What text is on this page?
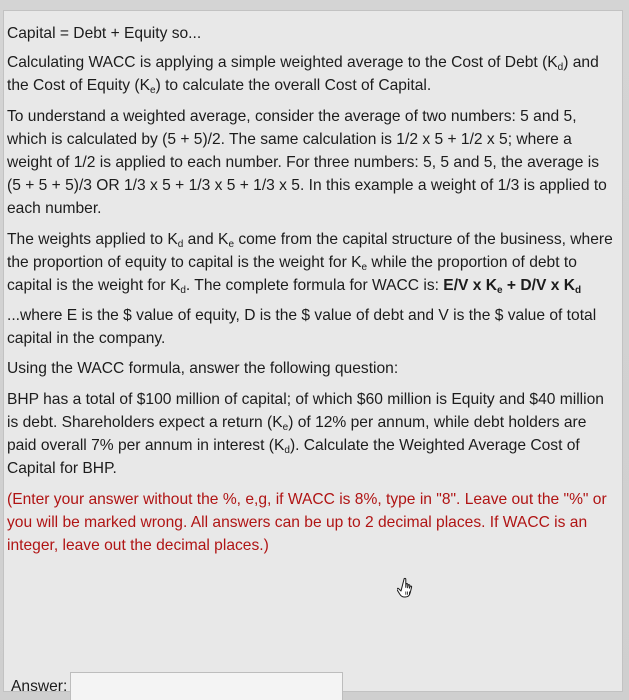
Capital = Debt + Equity so...

Calculating WACC is applying a simple weighted average to the Cost of Debt $(K_d)$ and the Cost of Equity $(K_e)$ to calculate the overall Cost of Capital.

To understand a weighted average, consider the average of two numbers: 5 and 5, which is calculated by (5 + 5)/2. The same calculation is 1/2 x 5 + 1/2 x 5; where a weight of 1/2 is applied to each number. For three numbers: 5, 5 and 5, the average is (5 + 5 + 5)/3 OR 1/3 x 5 + 1/3 x 5 + 1/3 x 5. In this example a weight of 1/3 is applied to each number.

The weights applied to $K_d$ and $K_e$ come from the capital structure of the business, where the proportion of equity to capital is the weight for $K_e$ while the proportion of debt to capital is the weight for $K_d$. The complete formula for WACC is: E/V x $K_e + D/V$ x $K_d$

...where E is the $ value of equity, D is the $ value of debt and V is the $ value of total capital in the company.

Using the WACC formula, answer the following question:

BHP has a total of $100 million of capital; of which $60 million is Equity and $40 million is debt. Shareholders expect a return $(K_e)$ of 12% per annum, while debt holders are paid overall 7% per annum in interest $(K_d)$. Calculate the Weighted Average Cost of Capital for BHP.

(Enter your answer without the %, e,g, if WACC is 8%, type in "8". Leave out the "%" or you will be marked wrong. All answers can be up to 2 decimal places. If WACC is an integer, leave out the decimal places.)

Answer:
